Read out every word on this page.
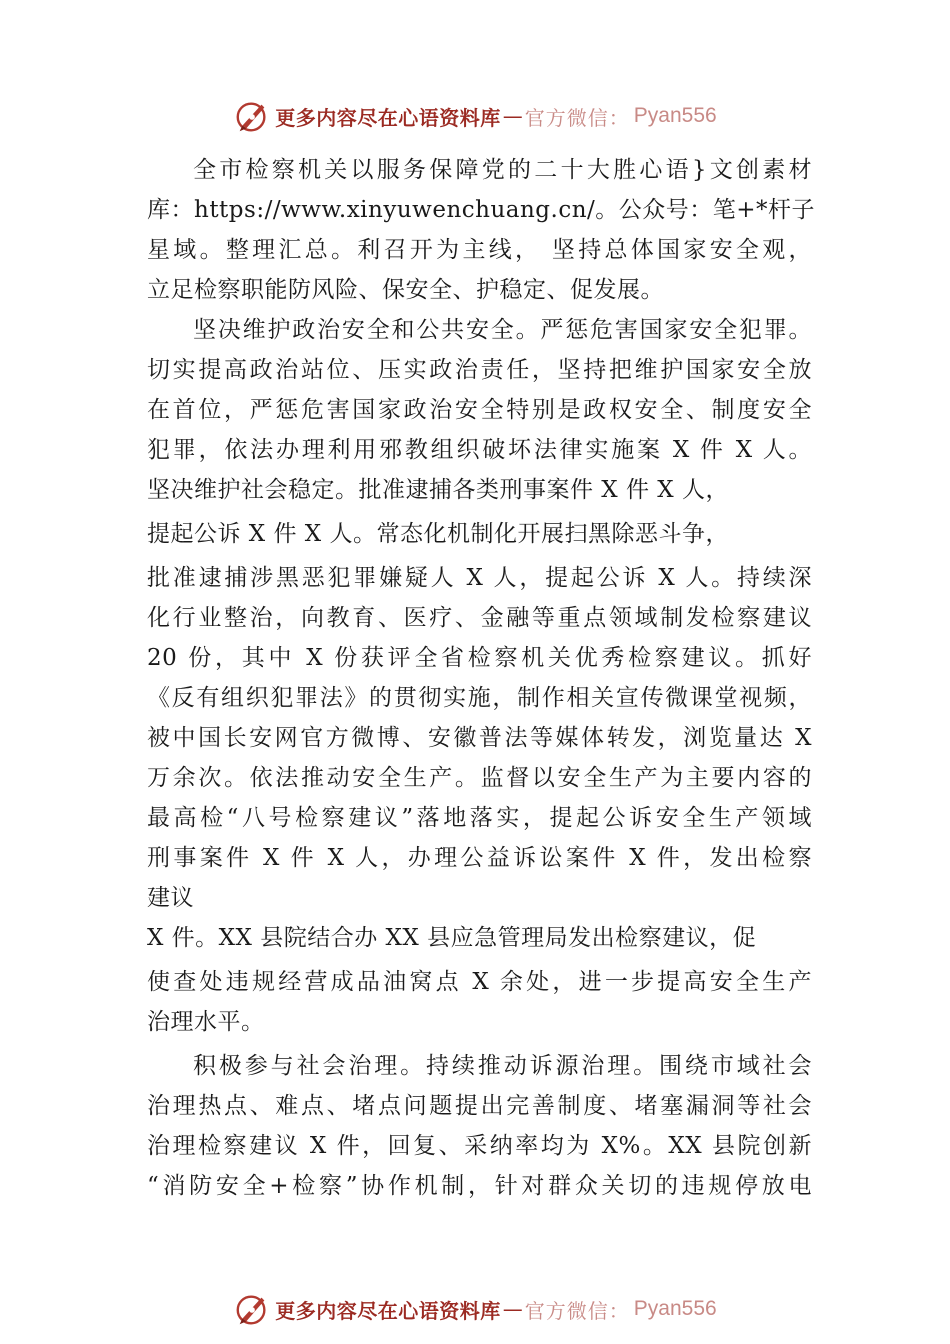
更多内容尽在心语资料库 — 官方微信： Pyan556
全市检察机关以服务保障党的二十大胜心语}文创素材
库：https://www.xinyuwenchuang.cn/。公众号：笔+*杆子
星域。整理汇总。利召开为主线， 坚持总体国家安全观，
立足检察职能防风险、保安全、护稳定、促发展。
坚决维护政治安全和公共安全。严惩危害国家安全犯罪。
切实提高政治站位、压实政治责任，坚持把维护国家安全放
在首位，严惩危害国家政治安全特别是政权安全、制度安全
犯罪，依法办理利用邪教组织破坏法律实施案 X 件 X 人。
坚决维护社会稳定。批准逮捕各类刑事案件 X 件 X 人，
提起公诉 X 件 X 人。常态化机制化开展扫黑除恶斗争，
批准逮捕涉黑恶犯罪嫌疑人 X 人，提起公诉 X 人。持续深
化行业整治，向教育、医疗、金融等重点领域制发检察建议
20 份，其中 X 份获评全省检察机关优秀检察建议。抓好
《反有组织犯罪法》的贯彻实施，制作相关宣传微课堂视频，
被中国长安网官方微博、安徽普法等媒体转发，浏览量达 X
万余次。依法推动安全生产。监督以安全生产为主要内容的
最高检“八号检察建议”落地落实，提起公诉安全生产领域
刑事案件 X 件 X 人，办理公益诉讼案件 X 件，发出检察
建议
X 件。XX 县院结合办 XX 县应急管理局发出检察建议，促
使查处违规经营成品油窝点 X 余处，进一步提高安全生产
治理水平。
积极参与社会治理。持续推动诉源治理。围绕市域社会
治理热点、难点、堵点问题提出完善制度、堵塞漏洞等社会
治理检察建议 X 件，回复、采纳率均为 X%。XX 县院创新
“消防安全+检察”协作机制，针对群众关切的违规停放电
更多内容尽在心语资料库 — 官方微信： Pyan556
